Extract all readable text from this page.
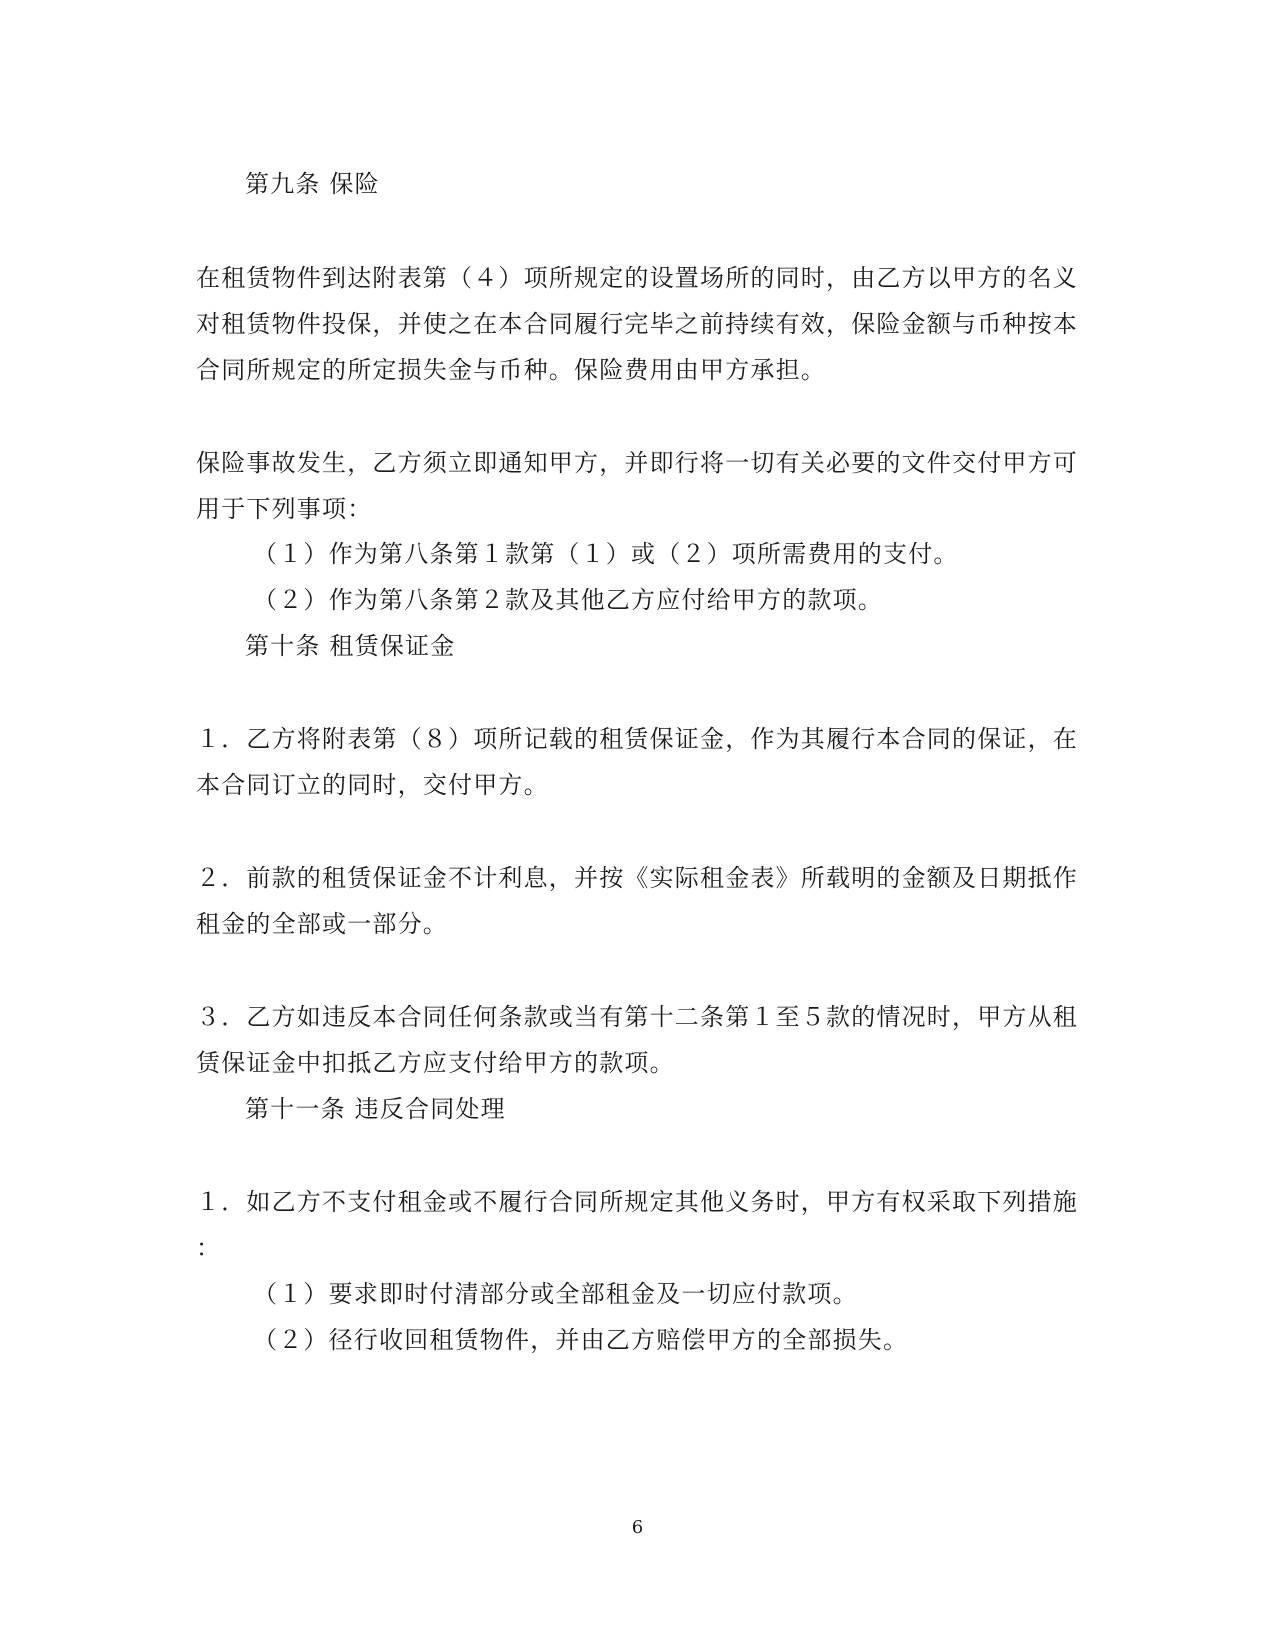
第九条 保险
在租赁物件到达附表第（４）项所规定的设置场所的同时，由乙方以甲方的名义
对租赁物件投保，并使之在本合同履行完毕之前持续有效，保险金额与币种按本
合同所规定的所定损失金与币种。保险费用由甲方承担。
保险事故发生，乙方须立即通知甲方，并即行将一切有关必要的文件交付甲方可
用于下列事项：
（１）作为第八条第１款第（１）或（２）项所需费用的支付。
（２）作为第八条第２款及其他乙方应付给甲方的款项。
第十条 租赁保证金
１．乙方将附表第（８）项所记载的租赁保证金，作为其履行本合同的保证，在
本合同订立的同时，交付甲方。
２．前款的租赁保证金不计利息，并按《实际租金表》所载明的金额及日期抵作
租金的全部或一部分。
３．乙方如违反本合同任何条款或当有第十二条第１至５款的情况时，甲方从租
赁保证金中扣抵乙方应支付给甲方的款项。
第十一条 违反合同处理
１．如乙方不支付租金或不履行合同所规定其他义务时，甲方有权采取下列措施
：
（１）要求即时付清部分或全部租金及一切应付款项。
（２）径行收回租赁物件，并由乙方赔偿甲方的全部损失。
6
